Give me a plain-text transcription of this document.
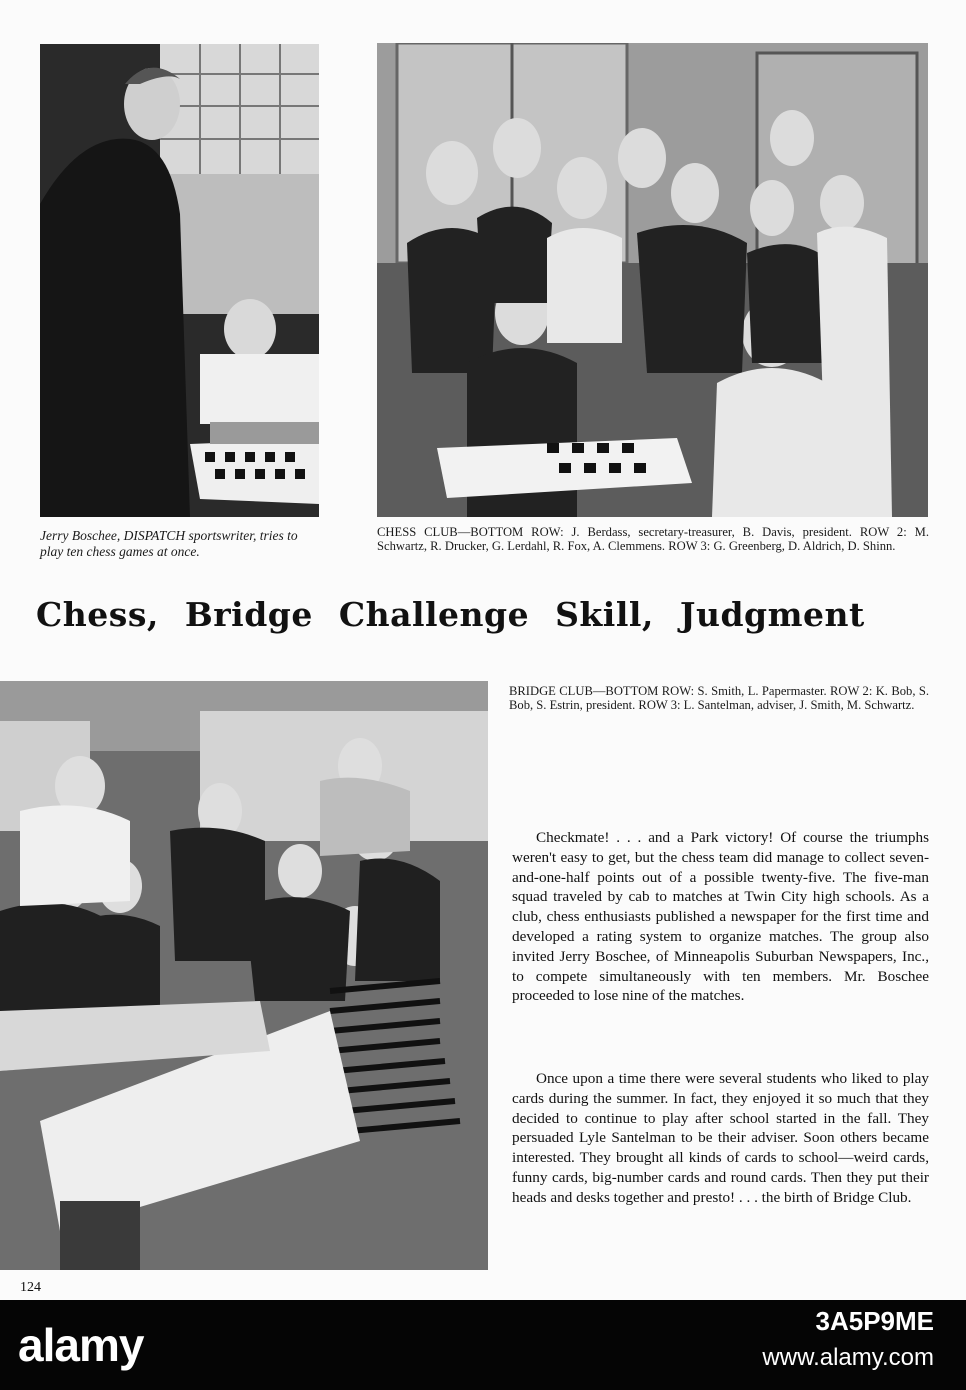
Jerry Boschee, DISPATCH sportswriter, tries to play ten chess games at once.
CHESS CLUB—BOTTOM ROW: J. Berdass, secretary-treasurer, B. Davis, president. ROW 2: M. Schwartz, R. Drucker, G. Lerdahl, R. Fox, A. Clemmens. ROW 3: G. Greenberg, D. Aldrich, D. Shinn.
Chess, Bridge Challenge Skill, Judgment
BRIDGE CLUB—BOTTOM ROW: S. Smith, L. Papermaster. ROW 2: K. Bob, S. Bob, S. Estrin, president. ROW 3: L. Santelman, adviser, J. Smith, M. Schwartz.

Checkmate! . . . and a Park victory! Of course the triumphs weren't easy to get, but the chess team did manage to collect seven-and-one-half points out of a possible twenty-five. The five-man squad traveled by cab to matches at Twin City high schools. As a club, chess enthusiasts published a newspaper for the first time and developed a rating system to organize matches. The group also invited Jerry Boschee, of Minneapolis Suburban Newspapers, Inc., to compete simultaneously with ten members. Mr. Boschee proceeded to lose nine of the matches.

Once upon a time there were several students who liked to play cards during the summer. In fact, they enjoyed it so much that they decided to continue to play after school started in the fall. They persuaded Lyle Santelman to be their adviser. Soon others became interested. They brought all kinds of cards to school—weird cards, funny cards, big-number cards and round cards. Then they put their heads and desks together and presto! . . . the birth of Bridge Club.

124
alamy	3A5P9ME
www.alamy.com
